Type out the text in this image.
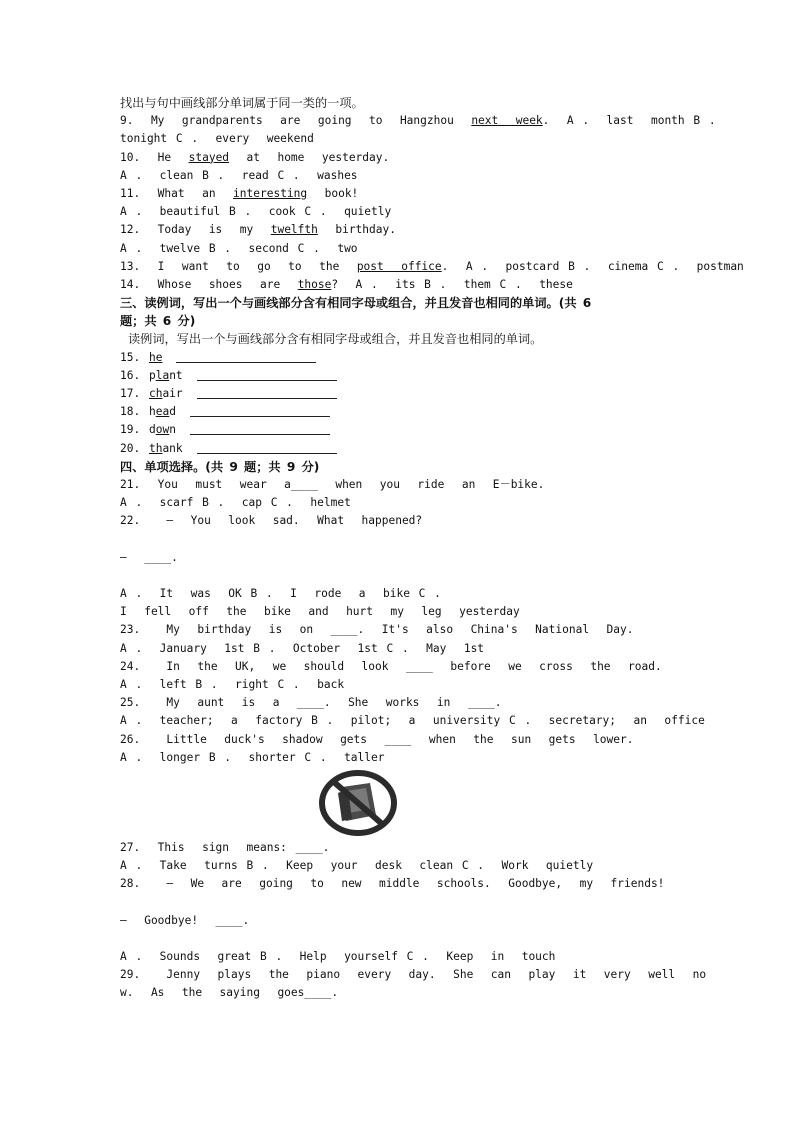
找出与句中画线部分单词属于同一类的一项。
9.  My  grandparents  are  going  to  Hangzhou  next  week.  A .  last  month B .
tonight C .  every  weekend
10.  He  stayed  at  home  yesterday.
A .  clean B .  read C .  washes
11.  What  an  interesting  book!
A .  beautiful B .  cook C .  quietly
12.  Today  is  my  twelfth  birthday.
A .  twelve B .  second C .  two
13.  I  want  to  go  to  the  post  office.  A .  postcard B .  cinema C .  postman
14.  Whose  shoes  are  those?  A .  its B .  them C .  these
三、读例词，写出一个与画线部分含有相同字母或组合，并且发音也相同的单词。(共 6
题；共 6 分)
读例词，写出一个与画线部分含有相同字母或组合，并且发音也相同的单词。
15. he
16. plant
17. chair
18. head
19. down
20. thank
四、单项选择。(共 9 题；共 9 分)
21.  You  must  wear  a____  when  you  ride  an  E－bike.
A .  scarf B .  cap C .  helmet
22.   —  You  look  sad.  What  happened?
—  ____.
A .  It  was  OK B .  I  rode  a  bike C .
I  fell  off  the  bike  and  hurt  my  leg  yesterday
23.   My  birthday  is  on  ____.  It's  also  China's  National  Day.
A .  January  1st B .  October  1st C .  May  1st
24.   In  the  UK,  we  should  look  ____  before  we  cross  the  road.
A .  left B .  right C .  back
25.   My  aunt  is  a  ____.  She  works  in  ____.
A .  teacher;  a  factory B .  pilot;  a  university C .  secretary;  an  office
26.   Little  duck's  shadow  gets  ____  when  the  sun  gets  lower.
A .  longer B .  shorter C .  taller
27.  This  sign  means: ____.
A .  Take  turns B .  Keep  your  desk  clean C .  Work  quietly
28.   —  We  are  going  to  new  middle  schools.  Goodbye,  my  friends!
—  Goodbye!  ____.
A .  Sounds  great B .  Help  yourself C .  Keep  in  touch
29.   Jenny  plays  the  piano  every  day.  She  can  play  it  very  well  no
w.  As  the  saying  goes____.
